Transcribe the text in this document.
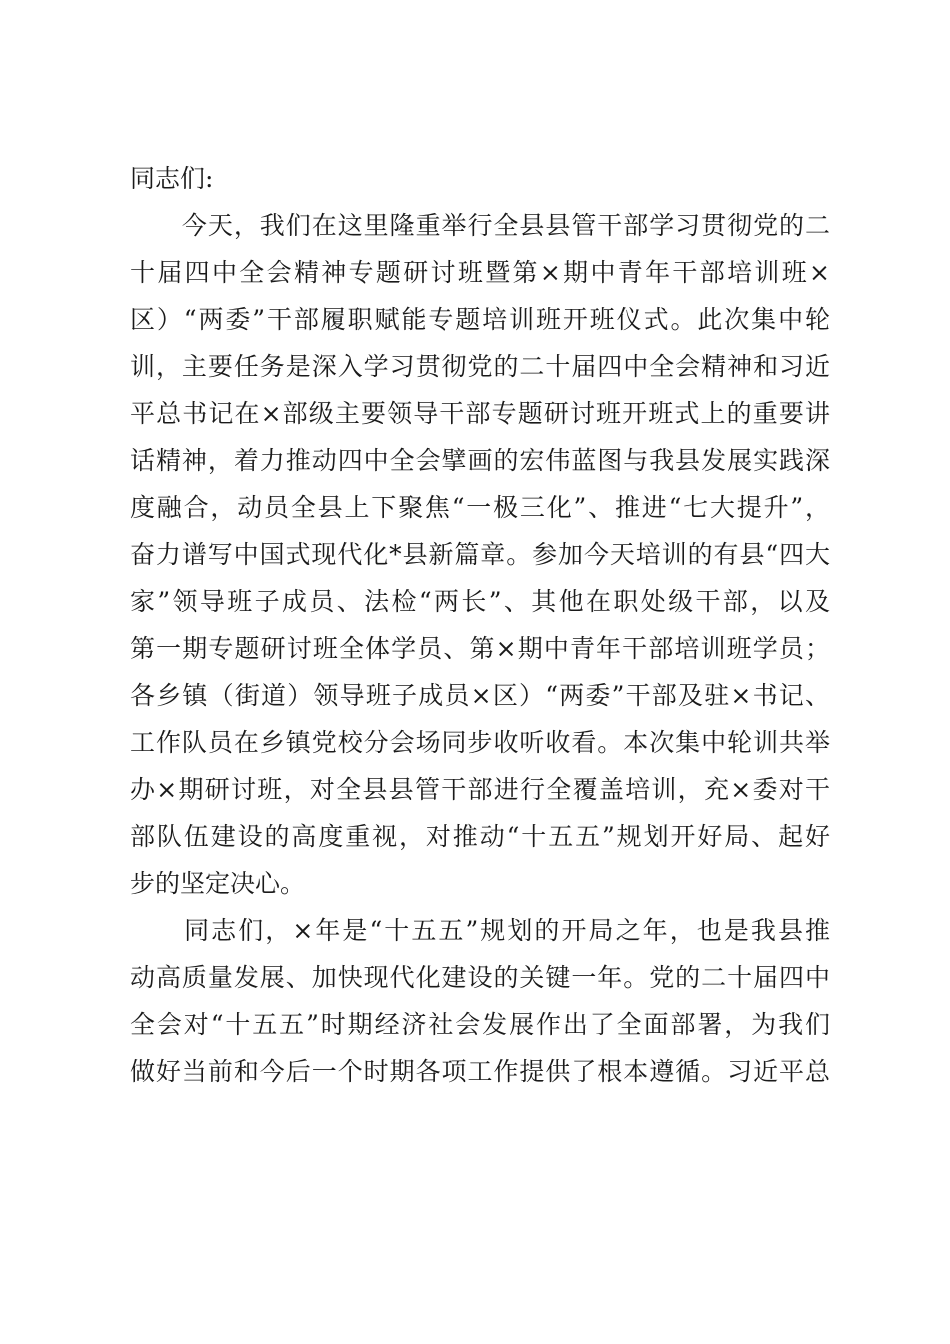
同志们:
　　今天，我们在这里隆重举行全县县管干部学习贯彻党的二
十届四中全会精神专题研讨班暨第×期中青年干部培训班×
区）“两委”干部履职赋能专题培训班开班仪式。此次集中轮
训，主要任务是深入学习贯彻党的二十届四中全会精神和习近
平总书记在×部级主要领导干部专题研讨班开班式上的重要讲
话精神，着力推动四中全会擘画的宏伟蓝图与我县发展实践深
度融合，动员全县上下聚焦“一极三化”、推进“七大提升”，
奋力谱写中国式现代化*县新篇章。参加今天培训的有县“四大
家”领导班子成员、法检“两长”、其他在职处级干部，以及
第一期专题研讨班全体学员、第×期中青年干部培训班学员；
各乡镇（街道）领导班子成员×区）“两委”干部及驻×书记、
工作队员在乡镇党校分会场同步收听收看。本次集中轮训共举
办×期研讨班，对全县县管干部进行全覆盖培训，充×委对干
部队伍建设的高度重视，对推动“十五五”规划开好局、起好
步的坚定决心。
　　同志们，×年是“十五五”规划的开局之年，也是我县推
动高质量发展、加快现代化建设的关键一年。党的二十届四中
全会对“十五五”时期经济社会发展作出了全面部署，为我们
做好当前和今后一个时期各项工作提供了根本遵循。习近平总
